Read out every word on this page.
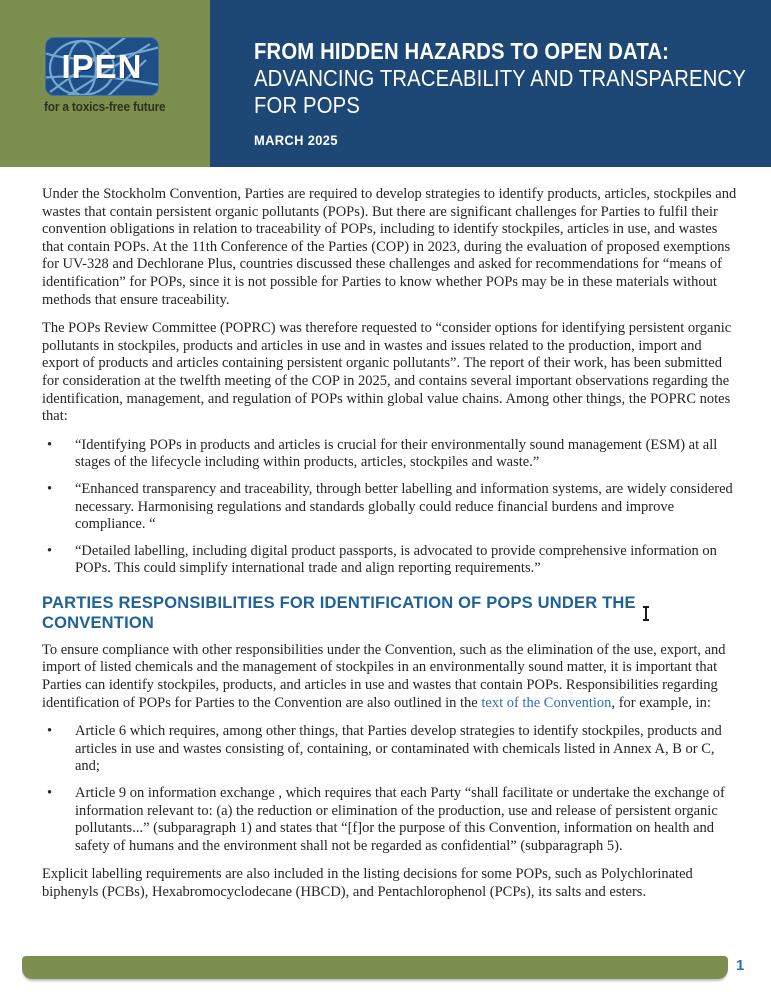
IPEN
for a toxics-free future
FROM HIDDEN HAZARDS TO OPEN DATA:
ADVANCING TRACEABILITY AND TRANSPARENCY
FOR POPS
MARCH 2025

Under the Stockholm Convention, Parties are required to develop strategies to identify products, articles, stockpiles and wastes that contain persistent organic pollutants (POPs). But there are significant challenges for Parties to fulfil their convention obligations in relation to traceability of POPs, including to identify stockpiles, articles in use, and wastes that contain POPs. At the 11th Conference of the Parties (COP) in 2023, during the evaluation of proposed exemptions for UV-328 and Dechlorane Plus, countries discussed these challenges and asked for recommendations for “means of identification” for POPs, since it is not possible for Parties to know whether POPs may be in these materials without methods that ensure traceability.

The POPs Review Committee (POPRC) was therefore requested to “consider options for identifying persistent organic pollutants in stockpiles, products and articles in use and in wastes and issues related to the production, import and export of products and articles containing persistent organic pollutants”. The report of their work, has been submitted for consideration at the twelfth meeting of the COP in 2025, and contains several important observations regarding the identification, management, and regulation of POPs within global value chains. Among other things, the POPRC notes that:

• “Identifying POPs in products and articles is crucial for their environmentally sound management (ESM) at all stages of the lifecycle including within products, articles, stockpiles and waste.”
• “Enhanced transparency and traceability, through better labelling and information systems, are widely considered necessary. Harmonising regulations and standards globally could reduce financial burdens and improve compliance. “
• “Detailed labelling, including digital product passports, is advocated to provide comprehensive information on POPs. This could simplify international trade and align reporting requirements.”
PARTIES RESPONSIBILITIES FOR IDENTIFICATION OF POPS UNDER THE CONVENTION

To ensure compliance with other responsibilities under the Convention, such as the elimination of the use, export, and import of listed chemicals and the management of stockpiles in an environmentally sound matter, it is important that Parties can identify stockpiles, products, and articles in use and wastes that contain POPs. Responsibilities regarding identification of POPs for Parties to the Convention are also outlined in the text of the Convention, for example, in:

• Article 6 which requires, among other things, that Parties develop strategies to identify stockpiles, products and articles in use and wastes consisting of, containing, or contaminated with chemicals listed in Annex A, B or C, and;
• Article 9 on information exchange , which requires that each Party “shall facilitate or undertake the exchange of information relevant to: (a) the reduction or elimination of the production, use and release of persistent organic pollutants...” (subparagraph 1) and states that “[f]or the purpose of this Convention, information on health and safety of humans and the environment shall not be regarded as confidential” (subparagraph 5).

Explicit labelling requirements are also included in the listing decisions for some POPs, such as Polychlorinated biphenyls (PCBs), Hexabromocyclodecane (HBCD), and Pentachlorophenol (PCPs), its salts and esters.

1
